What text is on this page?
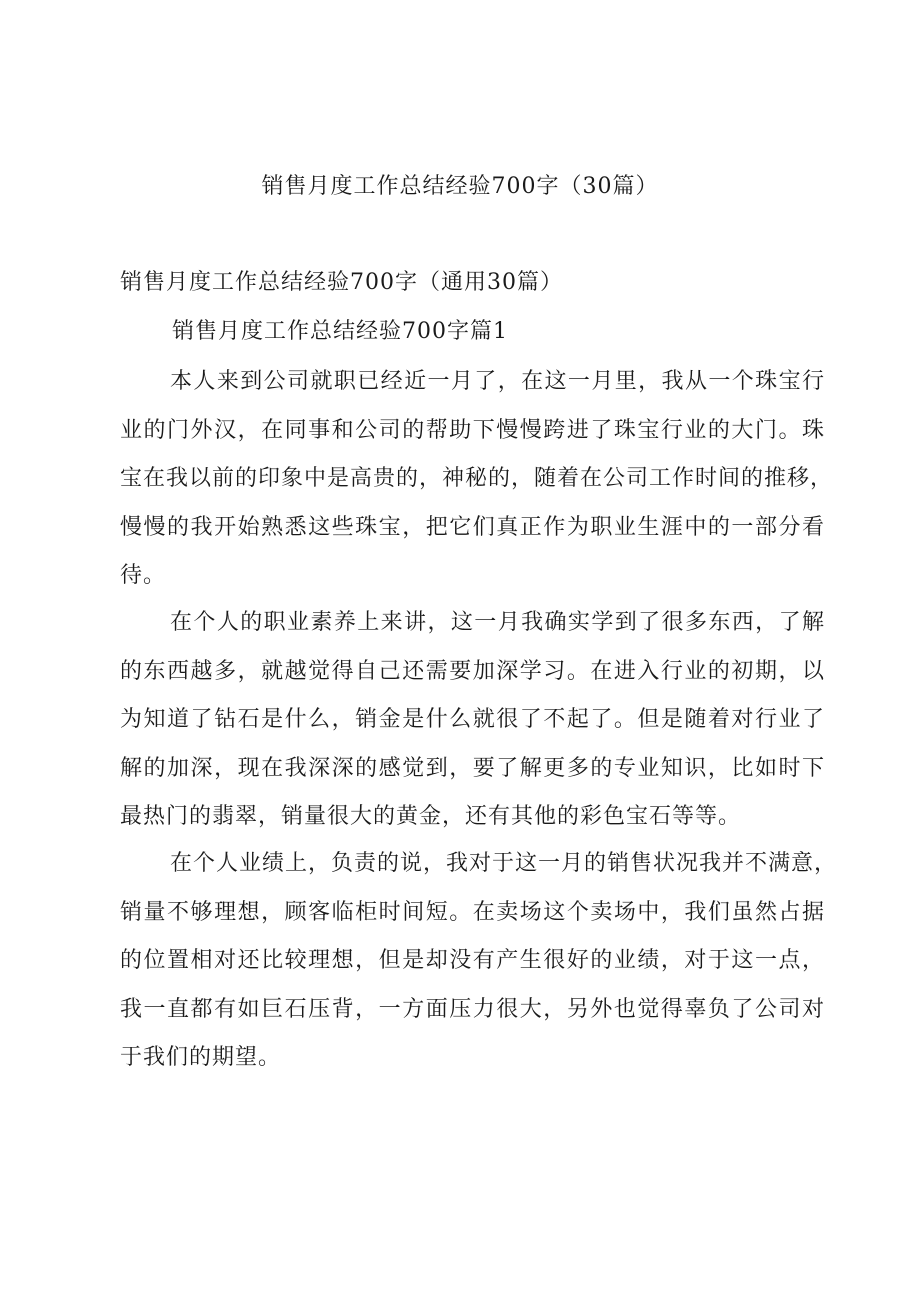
销售月度工作总结经验700字（30篇）
销售月度工作总结经验700字（通用30篇）
销售月度工作总结经验700字篇1
本人来到公司就职已经近一月了，在这一月里，我从一个珠宝行
业的门外汉，在同事和公司的帮助下慢慢跨进了珠宝行业的大门。珠
宝在我以前的印象中是高贵的，神秘的，随着在公司工作时间的推移，
慢慢的我开始熟悉这些珠宝，把它们真正作为职业生涯中的一部分看
待。
在个人的职业素养上来讲，这一月我确实学到了很多东西，了解
的东西越多，就越觉得自己还需要加深学习。在进入行业的初期，以
为知道了钻石是什么，销金是什么就很了不起了。但是随着对行业了
解的加深，现在我深深的感觉到，要了解更多的专业知识，比如时下
最热门的翡翠，销量很大的黄金，还有其他的彩色宝石等等。
在个人业绩上，负责的说，我对于这一月的销售状况我并不满意，
销量不够理想，顾客临柜时间短。在卖场这个卖场中，我们虽然占据
的位置相对还比较理想，但是却没有产生很好的业绩，对于这一点，
我一直都有如巨石压背，一方面压力很大，另外也觉得辜负了公司对
于我们的期望。
